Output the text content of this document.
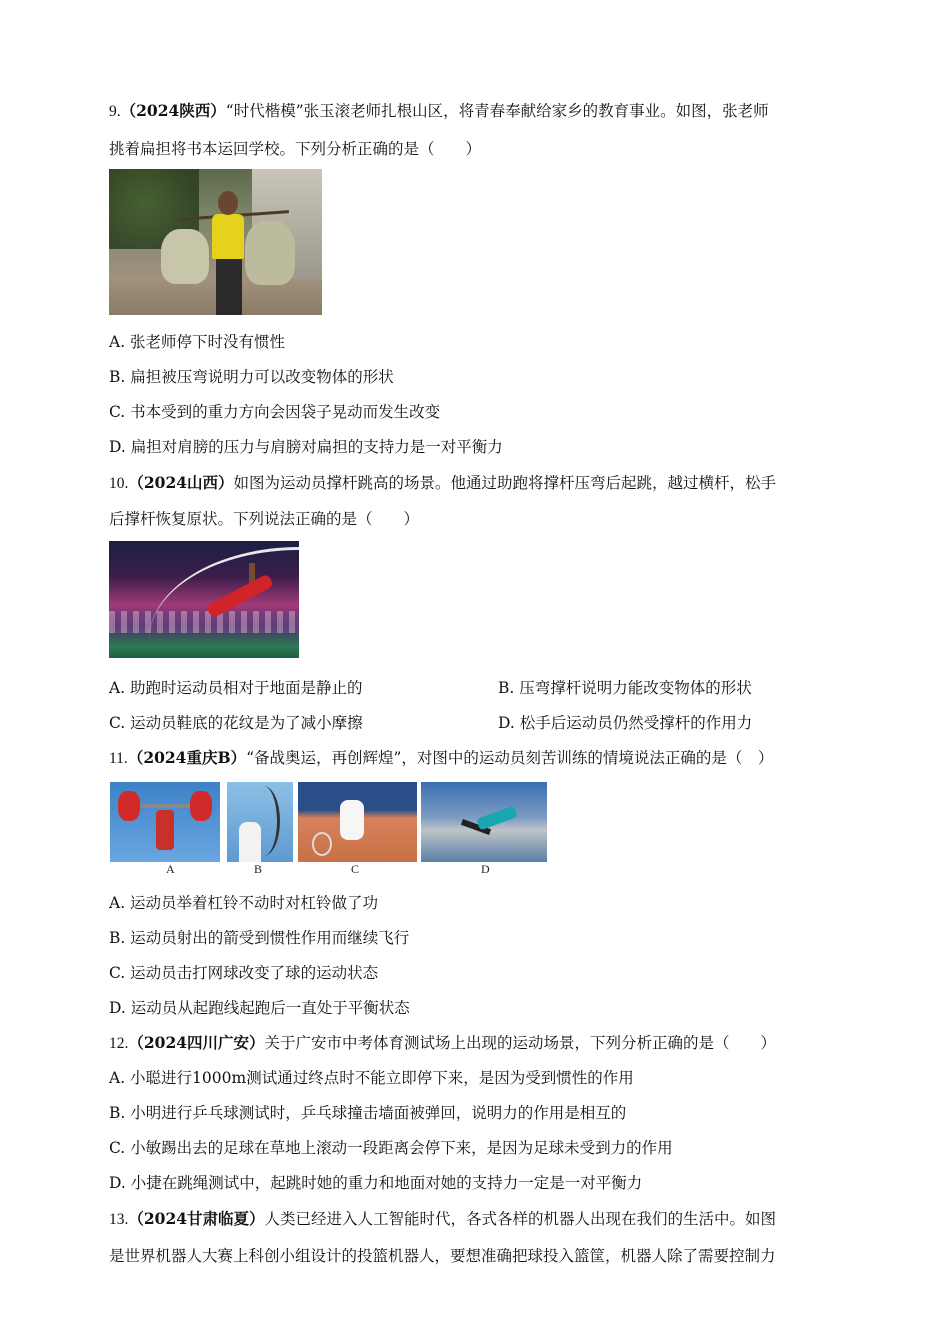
9.（2024陕西）“时代楷模”张玉滚老师扎根山区，将青春奉献给家乡的教育事业。如图，张老师
挑着扁担将书本运回学校。下列分析正确的是（　　）
A. 张老师停下时没有惯性
B. 扁担被压弯说明力可以改变物体的形状
C. 书本受到的重力方向会因袋子晃动而发生改变
D. 扁担对肩膀的压力与肩膀对扁担的支持力是一对平衡力
10.（2024山西）如图为运动员撑杆跳高的场景。他通过助跑将撑杆压弯后起跳，越过横杆，松手
后撑杆恢复原状。下列说法正确的是（　　）
A. 助跑时运动员相对于地面是静止的	B. 压弯撑杆说明力能改变物体的形状
C. 运动员鞋底的花纹是为了减小摩擦	D. 松手后运动员仍然受撑杆的作用力
11.（2024重庆B）“备战奥运，再创辉煌”，对图中的运动员刻苦训练的情境说法正确的是（　）
A	B	C	D
A. 运动员举着杠铃不动时对杠铃做了功
B. 运动员射出的箭受到惯性作用而继续飞行
C. 运动员击打网球改变了球的运动状态
D. 运动员从起跑线起跑后一直处于平衡状态
12.（2024四川广安）关于广安市中考体育测试场上出现的运动场景，下列分析正确的是（　　）
A. 小聪进行1000m测试通过终点时不能立即停下来，是因为受到惯性的作用
B. 小明进行乒乓球测试时，乒乓球撞击墙面被弹回，说明力的作用是相互的
C. 小敏踢出去的足球在草地上滚动一段距离会停下来，是因为足球未受到力的作用
D. 小捷在跳绳测试中，起跳时她的重力和地面对她的支持力一定是一对平衡力
13.（2024甘肃临夏）人类已经进入人工智能时代，各式各样的机器人出现在我们的生活中。如图
是世界机器人大赛上科创小组设计的投篮机器人，要想准确把球投入篮筐，机器人除了需要控制力
